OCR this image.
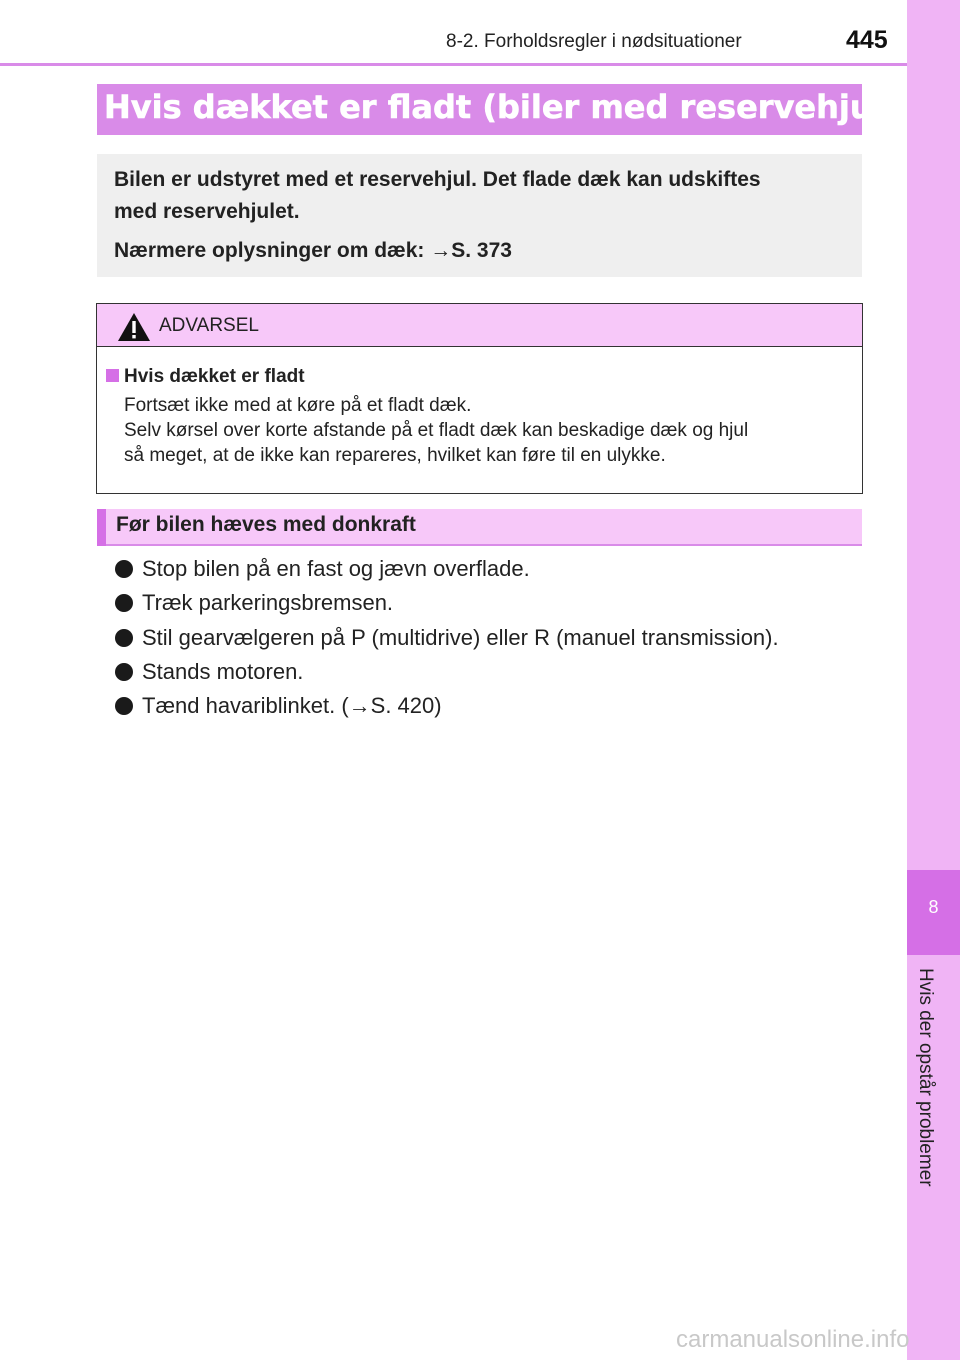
8-2. Forholdsregler i nødsituationer	445
8
Hvis der opstår problemer
Hvis dækket er fladt (biler med reservehjul)
Bilen er udstyret med et reservehjul. Det flade dæk kan udskiftes
med reservehjulet.
Nærmere oplysninger om dæk: →S. 373
ADVARSEL
Hvis dækket er fladt
Fortsæt ikke med at køre på et fladt dæk.
Selv kørsel over korte afstande på et fladt dæk kan beskadige dæk og hjul
så meget, at de ikke kan repareres, hvilket kan føre til en ulykke.
Før bilen hæves med donkraft
Stop bilen på en fast og jævn overflade.
Træk parkeringsbremsen.
Stil gearvælgeren på P (multidrive) eller R (manuel transmission).
Stands motoren.
Tænd havariblinket. (→S. 420)
carmanualsonline.info
